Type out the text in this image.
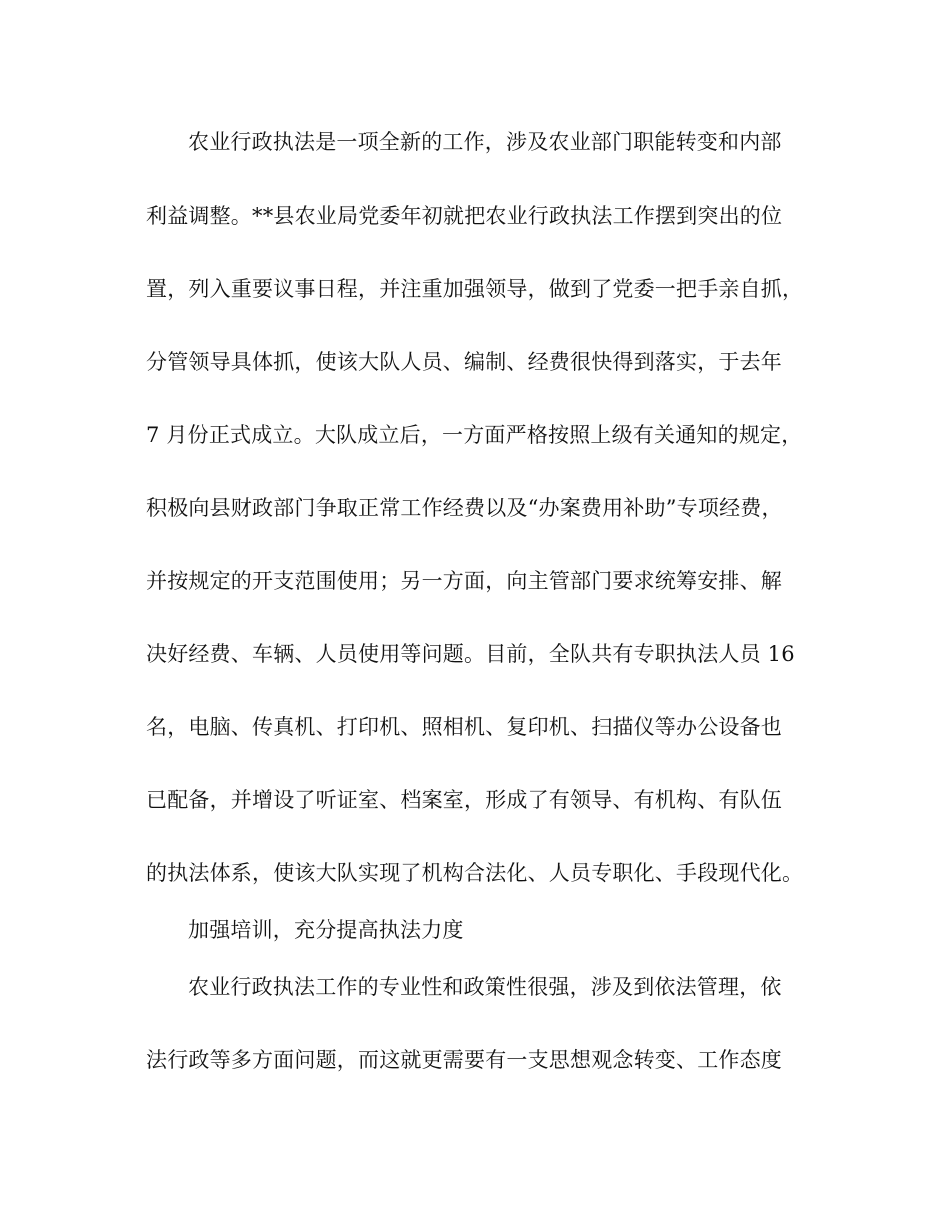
农业行政执法是一项全新的工作，涉及农业部门职能转变和内部
利益调整。**县农业局党委年初就把农业行政执法工作摆到突出的位
置，列入重要议事日程，并注重加强领导，做到了党委一把手亲自抓，
分管领导具体抓，使该大队人员、编制、经费很快得到落实，于去年
7 月份正式成立。大队成立后，一方面严格按照上级有关通知的规定，
积极向县财政部门争取正常工作经费以及“办案费用补助”专项经费，
并按规定的开支范围使用；另一方面，向主管部门要求统筹安排、解
决好经费、车辆、人员使用等问题。目前，全队共有专职执法人员 16
名，电脑、传真机、打印机、照相机、复印机、扫描仪等办公设备也
已配备，并增设了听证室、档案室，形成了有领导、有机构、有队伍
的执法体系，使该大队实现了机构合法化、人员专职化、手段现代化。
加强培训，充分提高执法力度
农业行政执法工作的专业性和政策性很强，涉及到依法管理，依
法行政等多方面问题，而这就更需要有一支思想观念转变、工作态度
